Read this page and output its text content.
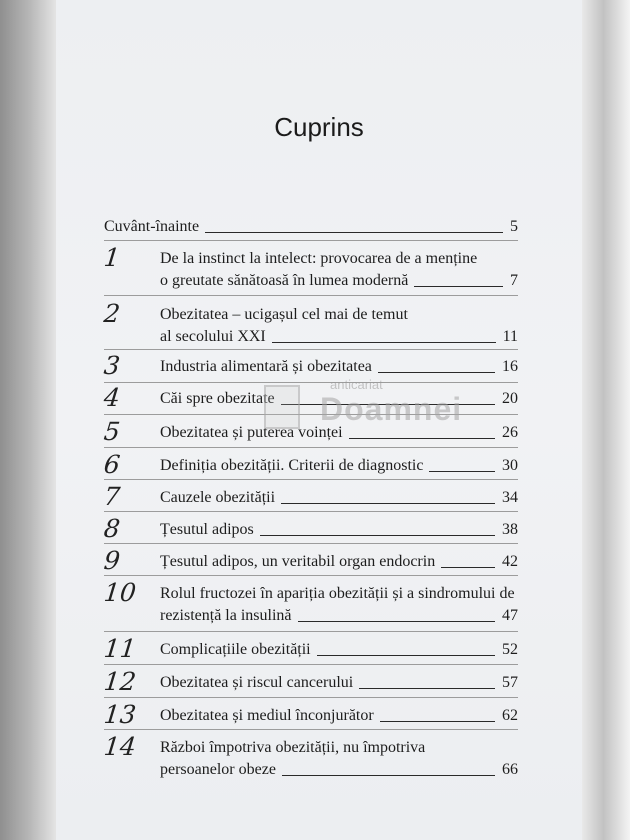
Cuprins
Cuvânt-înainte	5
1	De la instinct la intelect: provocarea de a menține
o greutate sănătoasă în lumea modernă	7
2	Obezitatea – ucigașul cel mai de temut
al secolului XXI	11
3	Industria alimentară și obezitatea	16
4	Căi spre obezitate	20
5	Obezitatea și puterea voinței	26
6	Definiția obezității. Criterii de diagnostic	30
7	Cauzele obezității	34
8	Țesutul adipos	38
9	Țesutul adipos, un veritabil organ endocrin	42
10	Rolul fructozei în apariția obezității și a sindromului de
rezistență la insulină	47
11	Complicațiile obezității	52
12	Obezitatea și riscul cancerului	57
13	Obezitatea și mediul înconjurător	62
14	Război împotriva obezității, nu împotriva
persoanelor obeze	66
anticariat
Doamnei
